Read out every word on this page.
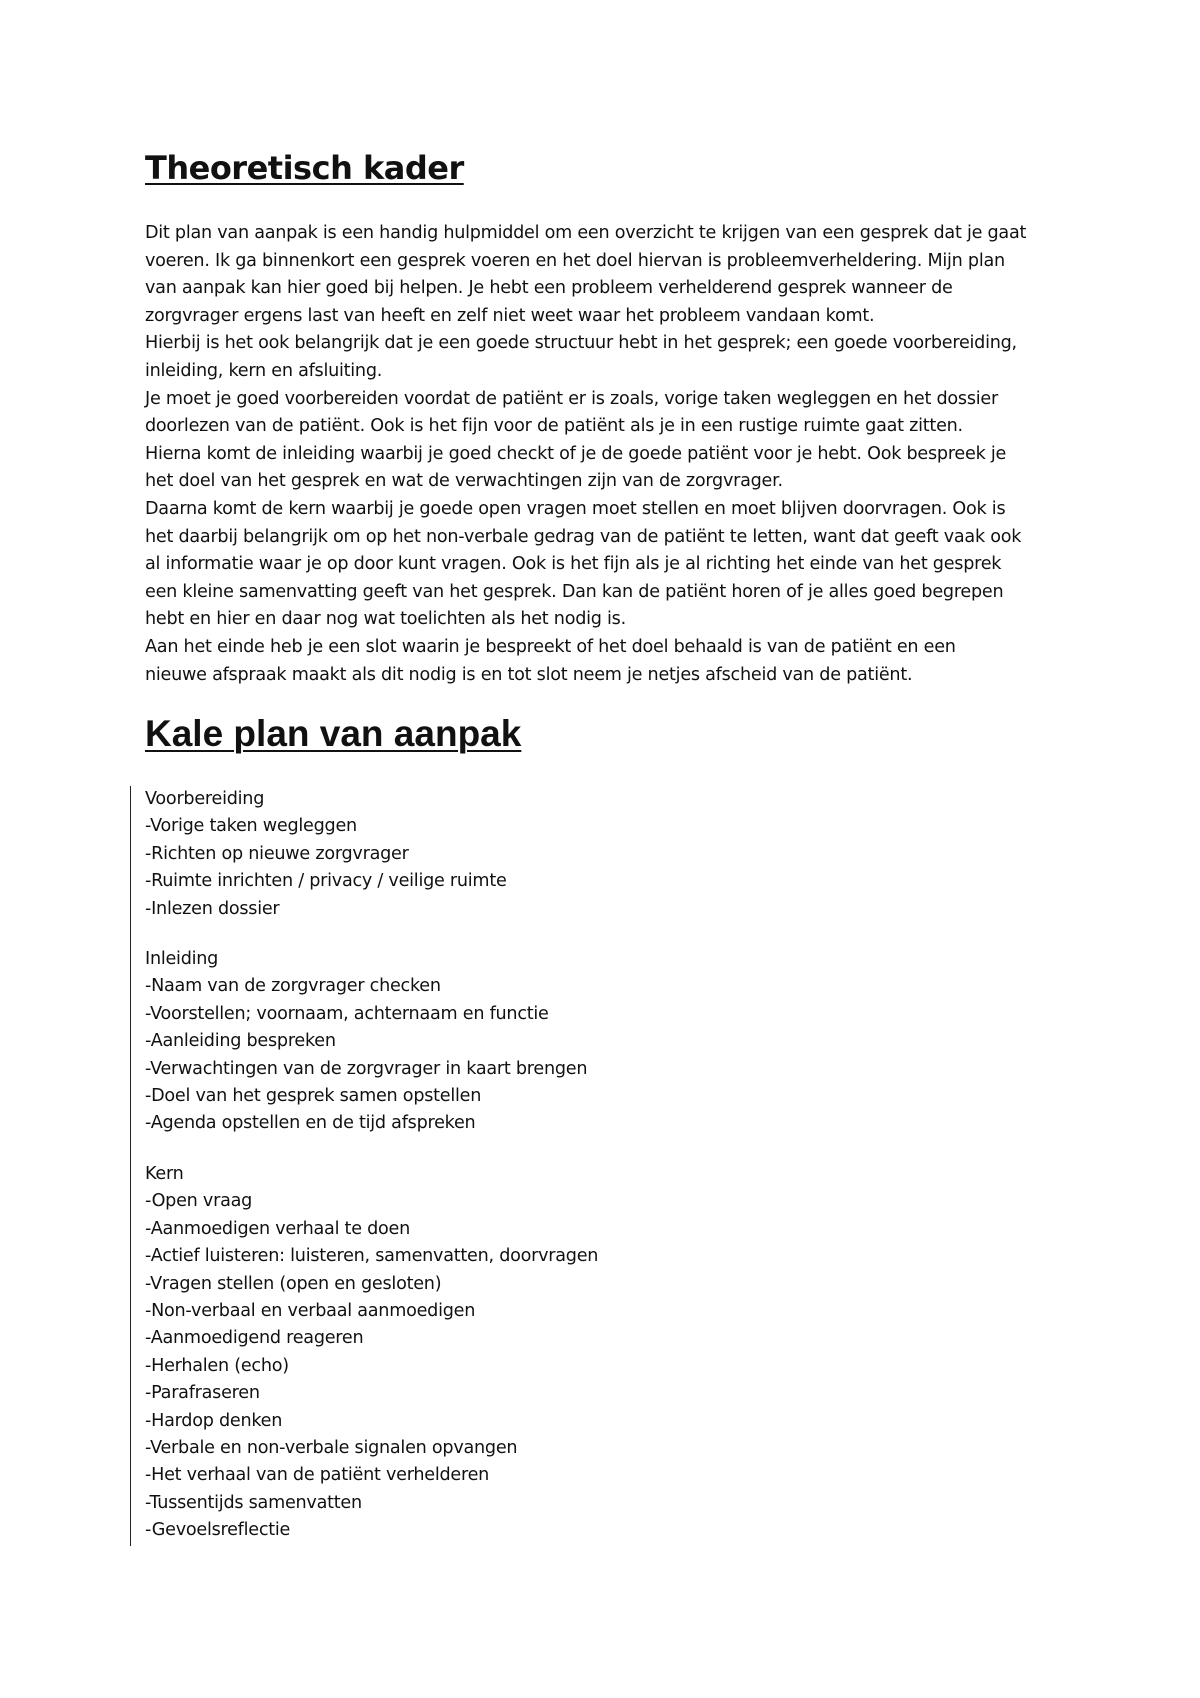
Theoretisch kader
Dit plan van aanpak is een handig hulpmiddel om een overzicht te krijgen van een gesprek dat je gaat
voeren. Ik ga binnenkort een gesprek voeren en het doel hiervan is probleemverheldering. Mijn plan
van aanpak kan hier goed bij helpen. Je hebt een probleem verhelderend gesprek wanneer de
zorgvrager ergens last van heeft en zelf niet weet waar het probleem vandaan komt.
Hierbij is het ook belangrijk dat je een goede structuur hebt in het gesprek; een goede voorbereiding,
inleiding, kern en afsluiting.
Je moet je goed voorbereiden voordat de patiënt er is zoals, vorige taken wegleggen en het dossier
doorlezen van de patiënt. Ook is het fijn voor de patiënt als je in een rustige ruimte gaat zitten.
Hierna komt de inleiding waarbij je goed checkt of je de goede patiënt voor je hebt. Ook bespreek je
het doel van het gesprek en wat de verwachtingen zijn van de zorgvrager.
Daarna komt de kern waarbij je goede open vragen moet stellen en moet blijven doorvragen. Ook is
het daarbij belangrijk om op het non-verbale gedrag van de patiënt te letten, want dat geeft vaak ook
al informatie waar je op door kunt vragen. Ook is het fijn als je al richting het einde van het gesprek
een kleine samenvatting geeft van het gesprek. Dan kan de patiënt horen of je alles goed begrepen
hebt en hier en daar nog wat toelichten als het nodig is.
Aan het einde heb je een slot waarin je bespreekt of het doel behaald is van de patiënt en een
nieuwe afspraak maakt als dit nodig is en tot slot neem je netjes afscheid van de patiënt.
Kale plan van aanpak
Voorbereiding
-Vorige taken wegleggen
-Richten op nieuwe zorgvrager
-Ruimte inrichten / privacy / veilige ruimte
-Inlezen dossier
Inleiding
-Naam van de zorgvrager checken
-Voorstellen; voornaam, achternaam en functie
-Aanleiding bespreken
-Verwachtingen van de zorgvrager in kaart brengen
-Doel van het gesprek samen opstellen
-Agenda opstellen en de tijd afspreken
Kern
-Open vraag
-Aanmoedigen verhaal te doen
-Actief luisteren: luisteren, samenvatten, doorvragen
-Vragen stellen (open en gesloten)
-Non-verbaal en verbaal aanmoedigen
-Aanmoedigend reageren
-Herhalen (echo)
-Parafraseren
-Hardop denken
-Verbale en non-verbale signalen opvangen
-Het verhaal van de patiënt verhelderen
-Tussentijds samenvatten
-Gevoelsreflectie
